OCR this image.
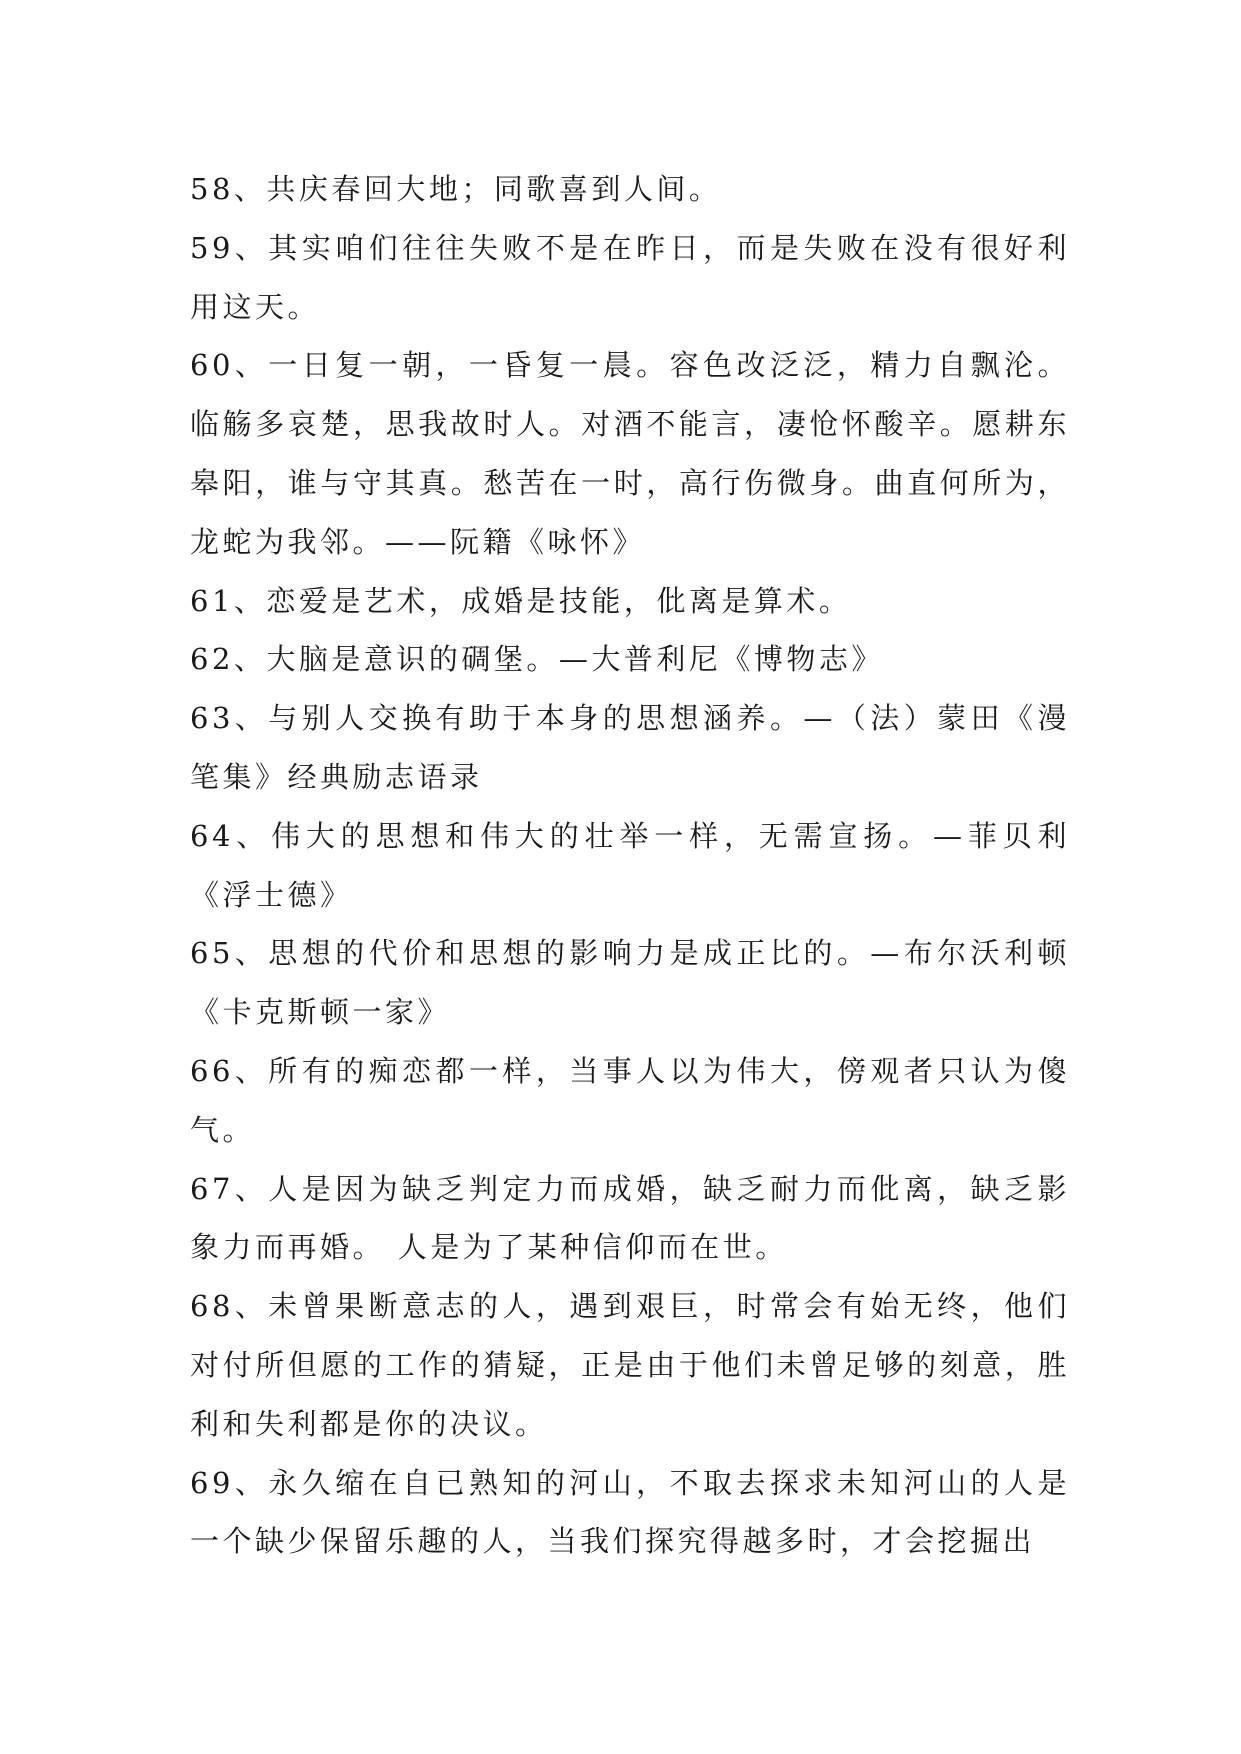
58、共庆春回大地；同歌喜到人间。

59、其实咱们往往失败不是在昨日，而是失败在没有很好利用这天。

60、一日复一朝，一昏复一晨。容色改泛泛，精力自飘沦。临觞多哀楚，思我故时人。对酒不能言，凄怆怀酸辛。愿耕东皋阳，谁与守其真。愁苦在一时，高行伤微身。曲直何所为，龙蛇为我邻。——阮籍《咏怀》

61、恋爱是艺术，成婚是技能，仳离是算术。

62、大脑是意识的碉堡。—大普利尼《博物志》

63、与别人交换有助于本身的思想涵养。—（法）蒙田《漫笔集》经典励志语录

64、伟大的思想和伟大的壮举一样，无需宣扬。—菲贝利《浮士德》

65、思想的代价和思想的影响力是成正比的。—布尔沃利顿《卡克斯顿一家》

66、所有的痴恋都一样，当事人以为伟大，傍观者只认为傻气。

67、人是因为缺乏判定力而成婚，缺乏耐力而仳离，缺乏影象力而再婚。 人是为了某种信仰而在世。

68、未曾果断意志的人，遇到艰巨，时常会有始无终，他们对付所但愿的工作的猜疑，正是由于他们未曾足够的刻意，胜利和失利都是你的决议。

69、永久缩在自已熟知的河山，不取去探求未知河山的人是一个缺少保留乐趣的人，当我们探究得越多时，才会挖掘出
